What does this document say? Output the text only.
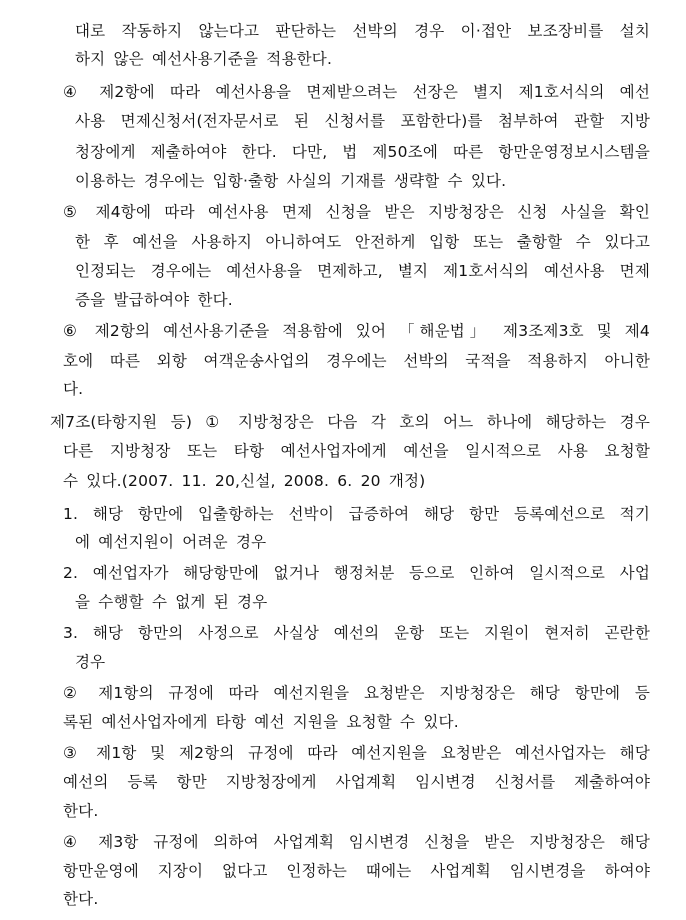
대로 작동하지 않는다고 판단하는 선박의 경우 이·접안 보조장비를 설치
하지 않은 예선사용기준을 적용한다.
④ 제2항에 따라 예선사용을 면제받으려는 선장은 별지 제1호서식의 예선
사용 면제신청서(전자문서로 된 신청서를 포함한다)를 첨부하여 관할 지방
청장에게 제출하여야 한다. 다만, 법 제50조에 따른 항만운영정보시스템을
이용하는 경우에는 입항·출항 사실의 기재를 생략할 수 있다.
⑤ 제4항에 따라 예선사용 면제 신청을 받은 지방청장은 신청 사실을 확인
한 후 예선을 사용하지 아니하여도 안전하게 입항 또는 출항할 수 있다고
인정되는 경우에는 예선사용을 면제하고, 별지 제1호서식의 예선사용 면제
증을 발급하여야 한다.
⑥ 제2항의 예선사용기준을 적용함에 있어 「해운법」 제3조제3호 및 제4
호에 따른 외항 여객운송사업의 경우에는 선박의 국적을 적용하지 아니한
다.
제7조(타항지원 등) ① 지방청장은 다음 각 호의 어느 하나에 해당하는 경우
다른 지방청장 또는 타항 예선사업자에게 예선을 일시적으로 사용 요청할
수 있다.(2007. 11. 20,신설, 2008. 6. 20 개정)
1. 해당 항만에 입출항하는 선박이 급증하여 해당 항만 등록예선으로 적기
에 예선지원이 어려운 경우
2. 예선업자가 해당항만에 없거나 행정처분 등으로 인하여 일시적으로 사업
을 수행할 수 없게 된 경우
3. 해당 항만의 사정으로 사실상 예선의 운항 또는 지원이 현저히 곤란한
경우
② 제1항의 규정에 따라 예선지원을 요청받은 지방청장은 해당 항만에 등
록된 예선사업자에게 타항 예선 지원을 요청할 수 있다.
③ 제1항 및 제2항의 규정에 따라 예선지원을 요청받은 예선사업자는 해당
예선의 등록 항만 지방청장에게 사업계획 임시변경 신청서를 제출하여야
한다.
④ 제3항 규정에 의하여 사업계획 임시변경 신청을 받은 지방청장은 해당
항만운영에 지장이 없다고 인정하는 때에는 사업계획 임시변경을 하여야
한다.
